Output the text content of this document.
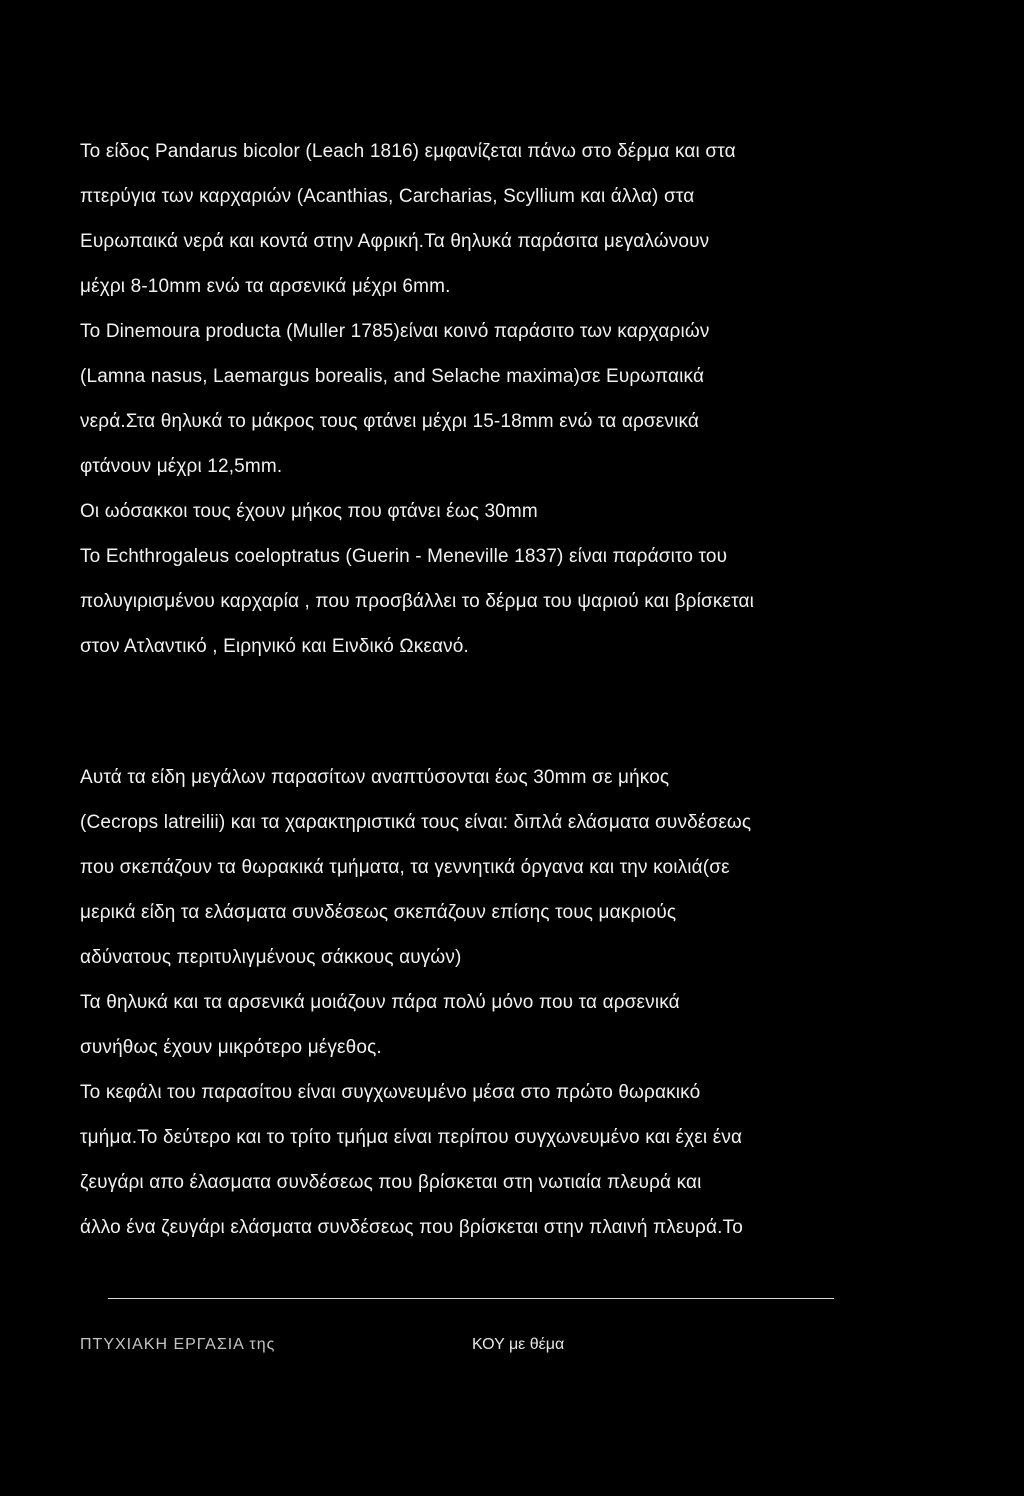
Το είδος Pandarus bicolor (Leach 1816) εμφανίζεται πάνω στο δέρμα και στα
πτερύγια των καρχαριών (Acanthias, Carcharias, Scyllium και άλλα) στα
Ευρωπαικά νερά και κοντά στην Αφρική.Τα θηλυκά παράσιτα μεγαλώνουν
μέχρι 8-10mm ενώ τα αρσενικά μέχρι 6mm.
Το Dinemoura producta (Muller 1785)είναι κοινό παράσιτο των καρχαριών
(Lamna nasus, Laemargus borealis, and Selache maxima)σε Ευρωπαικά
νερά.Στα θηλυκά το μάκρος τους φτάνει μέχρι 15-18mm ενώ τα αρσενικά
φτάνουν μέχρι 12,5mm.
Οι ωόσακκοι τους έχουν μήκος που φτάνει έως 30mm
Το Echthrogaleus coeloptratus (Guerin - Meneville 1837) είναι παράσιτο του
πολυγιρισμένου καρχαρία , που προσβάλλει το δέρμα του ψαριού και βρίσκεται
στον Ατλαντικό , Ειρηνικό και Εινδικό Ωκεανό.
Αυτά τα είδη μεγάλων παρασίτων αναπτύσονται έως 30mm σε μήκος
(Cecrops latreilii) και τα χαρακτηριστικά τους είναι: διπλά ελάσματα συνδέσεως
που σκεπάζουν τα θωρακικά τμήματα, τα γεννητικά όργανα και την κοιλιά(σε
μερικά είδη τα ελάσματα συνδέσεως σκεπάζουν επίσης τους μακριούς
αδύνατους περιτυλιγμένους σάκκους αυγών)
Τα θηλυκά και τα αρσενικά μοιάζουν πάρα πολύ μόνο που τα αρσενικά
συνήθως έχουν μικρότερο μέγεθος.
Το κεφάλι του παρασίτου είναι συγχωνευμένο μέσα στο πρώτο θωρακικό
τμήμα.Το δεύτερο και το τρίτο τμήμα είναι περίπου συγχωνευμένο και έχει ένα
ζευγάρι απο έλασματα συνδέσεως που βρίσκεται στη νωτιαία πλευρά και
άλλο ένα ζευγάρι ελάσματα συνδέσεως που βρίσκεται στην πλαινή πλευρά.Το
ΠΤΥΧΙΑΚΗ ΕΡΓΑΣΙΑ της	ΚΟΥ με θέμα
